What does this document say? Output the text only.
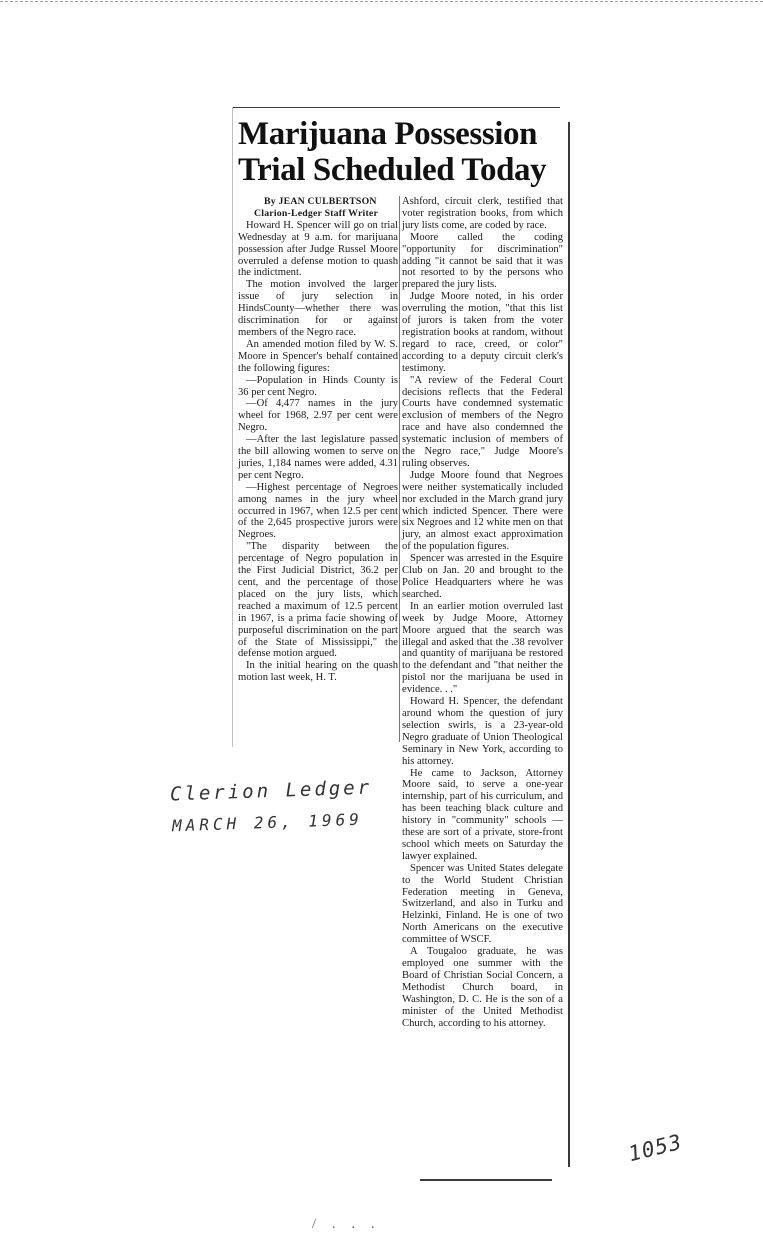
Marijuana Possession
Trial Scheduled Today

By JEAN CULBERTSON

Clarion-Ledger Staff Writer

Howard H. Spencer will go on trial Wednesday at 9 a.m. for marijuana possession after Judge Russel Moore overruled a defense motion to quash the indictment.

The motion involved the larger issue of jury selection in HindsCounty—whether there was discrimination for or against members of the Negro race.

An amended motion filed by W. S. Moore in Spencer's behalf contained the following figures:

—Population in Hinds County is 36 per cent Negro.

—Of 4,477 names in the jury wheel for 1968, 2.97 per cent were Negro.

—After the last legislature passed the bill allowing women to serve on juries, 1,184 names were added, 4.31 per cent Negro.

—Highest percentage of Negroes among names in the jury wheel occurred in 1967, when 12.5 per cent of the 2,645 prospective jurors were Negroes.

"The disparity between the percentage of Negro population in the First Judicial District, 36.2 per cent, and the percentage of those placed on the jury lists, which reached a maximum of 12.5 percent in 1967, is a prima facie showing of purposeful discrimination on the part of the State of Mississippi," the defense motion argued.

In the initial hearing on the quash motion last week, H. T.

Ashford, circuit clerk, testified that voter registration books, from which jury lists come, are coded by race.

Moore called the coding "opportunity for discrimination" adding "it cannot be said that it was not resorted to by the persons who prepared the jury lists.

Judge Moore noted, in his order overruling the motion, "that this list of jurors is taken from the voter registration books at random, without regard to race, creed, or color" according to a deputy circuit clerk's testimony.

"A review of the Federal Court decisions reflects that the Federal Courts have condemned systematic exclusion of members of the Negro race and have also condemned the systematic inclusion of members of the Negro race," Judge Moore's ruling observes.

Judge Moore found that Negroes were neither systematically included nor excluded in the March grand jury which indicted Spencer. There were six Negroes and 12 white men on that jury, an almost exact approximation of the population figures.

Spencer was arrested in the Esquire Club on Jan. 20 and brought to the Police Headquarters where he was searched.

In an earlier motion overruled last week by Judge Moore, Attorney Moore argued that the search was illegal and asked that the .38 revolver and quantity of marijuana be restored to the defendant and "that neither the pistol nor the marijuana be used in evidence. . ."

Howard H. Spencer, the defendant around whom the question of jury selection swirls, is a 23-year-old Negro graduate of Union Theological Seminary in New York, according to his attorney.

He came to Jackson, Attorney Moore said, to serve a one-year internship, part of his curriculum, and has been teaching black culture and history in "community" schools — these are sort of a private, store-front school which meets on Saturday the lawyer explained.

Spencer was United States delegate to the World Student Christian Federation meeting in Geneva, Switzerland, and also in Turku and Helzinki, Finland. He is one of two North Americans on the executive committee of WSCF.

A Tougaloo graduate, he was employed one summer with the Board of Christian Social Concern, a Methodist Church board, in Washington, D. C. He is the son of a minister of the United Methodist Church, according to his attorney.

Clerion Ledger
MARCH 26, 1969
1053
/ . . .
